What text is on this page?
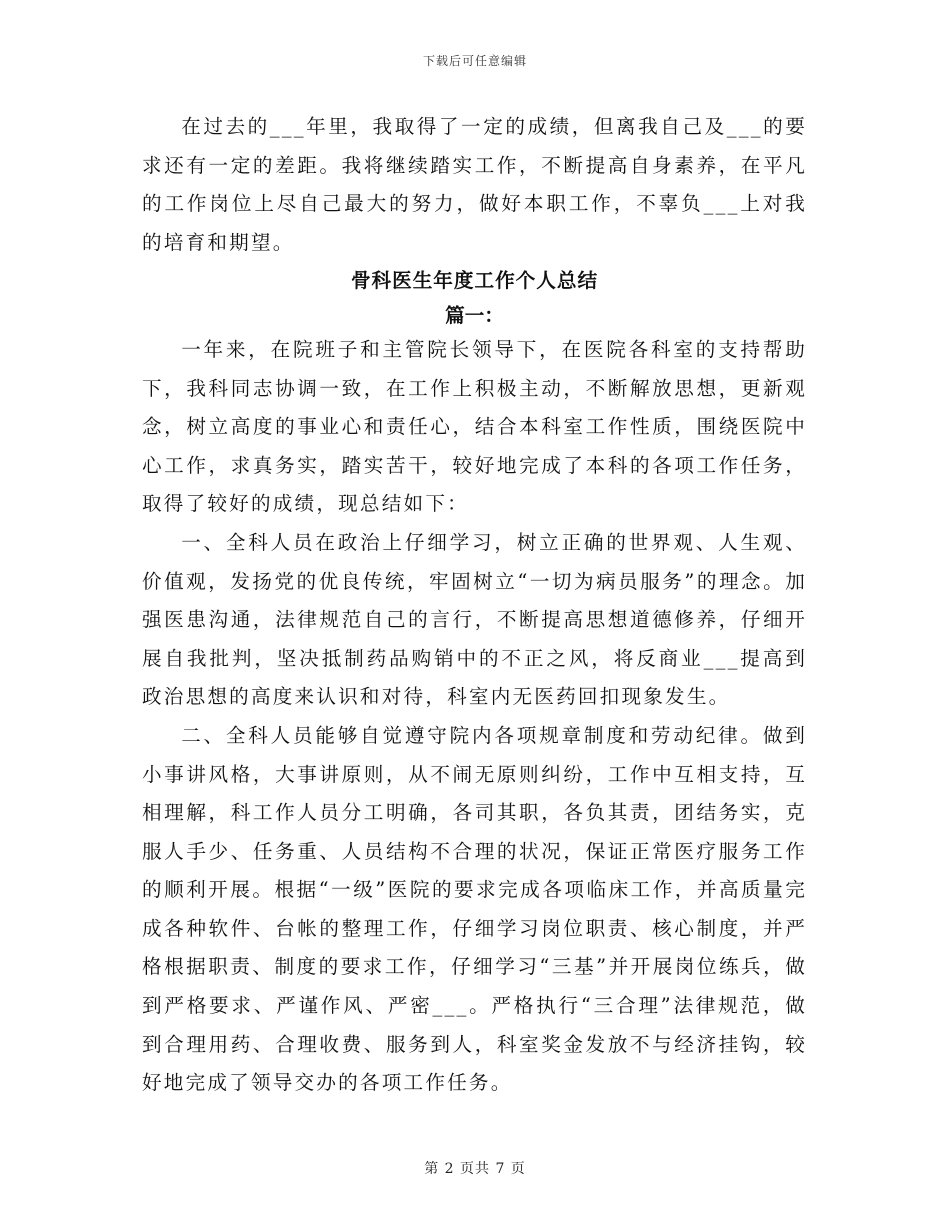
下载后可任意编辑

在过去的___年里，我取得了一定的成绩，但离我自己及___的要求还有一定的差距。我将继续踏实工作，不断提高自身素养，在平凡的工作岗位上尽自己最大的努力，做好本职工作，不辜负___上对我的培育和期望。

骨科医生年度工作个人总结
篇一：

一年来，在院班子和主管院长领导下，在医院各科室的支持帮助下，我科同志协调一致，在工作上积极主动，不断解放思想，更新观念，树立高度的事业心和责任心，结合本科室工作性质，围绕医院中心工作，求真务实，踏实苦干，较好地完成了本科的各项工作任务，取得了较好的成绩，现总结如下：

一、全科人员在政治上仔细学习，树立正确的世界观、人生观、价值观，发扬党的优良传统，牢固树立“一切为病员服务”的理念。加强医患沟通，法律规范自己的言行，不断提高思想道德修养，仔细开展自我批判，坚决抵制药品购销中的不正之风，将反商业___提高到政治思想的高度来认识和对待，科室内无医药回扣现象发生。

二、全科人员能够自觉遵守院内各项规章制度和劳动纪律。做到小事讲风格，大事讲原则，从不闹无原则纠纷，工作中互相支持，互相理解，科工作人员分工明确，各司其职，各负其责，团结务实，克服人手少、任务重、人员结构不合理的状况，保证正常医疗服务工作的顺利开展。根据“一级”医院的要求完成各项临床工作，并高质量完成各种软件、台帐的整理工作，仔细学习岗位职责、核心制度，并严格根据职责、制度的要求工作，仔细学习“三基”并开展岗位练兵，做到严格要求、严谨作风、严密___。严格执行“三合理”法律规范，做到合理用药、合理收费、服务到人，科室奖金发放不与经济挂钩，较好地完成了领导交办的各项工作任务。

第 2 页共 7 页
